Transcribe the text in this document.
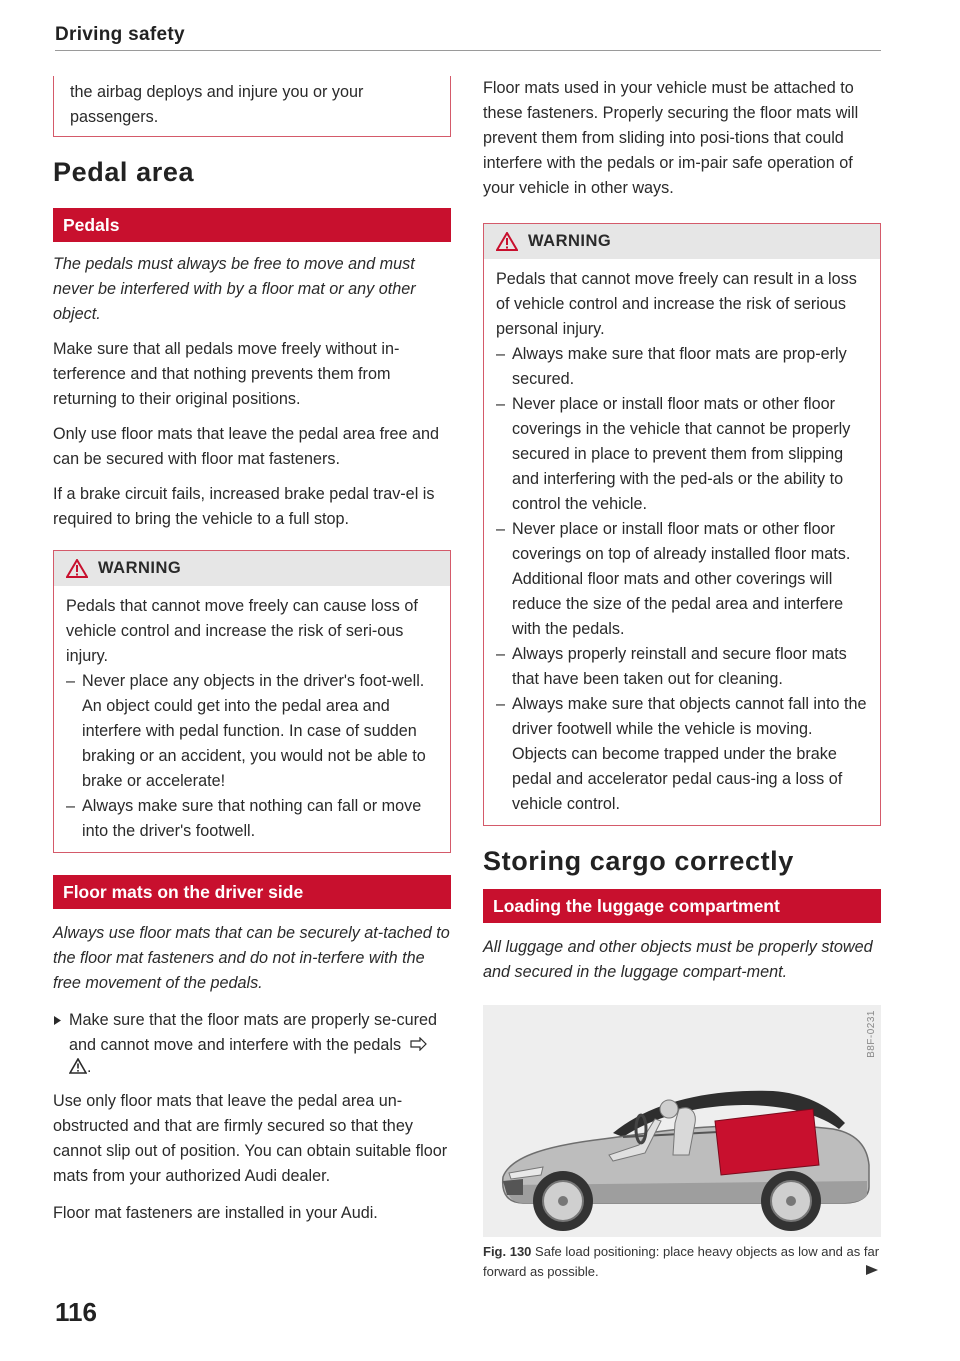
Driving safety

the airbag deploys and injure you or your passengers.

Pedal area
Pedals

The pedals must always be free to move and must never be interfered with by a floor mat or any other object.

Make sure that all pedals move freely without in-terference and that nothing prevents them from returning to their original positions.

Only use floor mats that leave the pedal area free and can be secured with floor mat fasteners.

If a brake circuit fails, increased brake pedal trav-el is required to bring the vehicle to a full stop.

WARNING

Pedals that cannot move freely can cause loss of vehicle control and increase the risk of seri-ous injury.

– Never place any objects in the driver's foot-well. An object could get into the pedal area and interfere with pedal function. In case of sudden braking or an accident, you would not be able to brake or accelerate!
– Always make sure that nothing can fall or move into the driver's footwell.
Floor mats on the driver side

Always use floor mats that can be securely at-tached to the floor mat fasteners and do not in-terfere with the free movement of the pedals.

Make sure that the floor mats are properly se-cured and cannot move and interfere with the pedals

.

Use only floor mats that leave the pedal area un-obstructed and that are firmly secured so that they cannot slip out of position. You can obtain suitable floor mats from your authorized Audi dealer.

Floor mat fasteners are installed in your Audi.

Floor mats used in your vehicle must be attached to these fasteners. Properly securing the floor mats will prevent them from sliding into posi-tions that could interfere with the pedals or im-pair safe operation of your vehicle in other ways.

WARNING

Pedals that cannot move freely can result in a loss of vehicle control and increase the risk of serious personal injury.

– Always make sure that floor mats are prop-erly secured.
– Never place or install floor mats or other floor coverings in the vehicle that cannot be properly secured in place to prevent them from slipping and interfering with the ped-als or the ability to control the vehicle.
– Never place or install floor mats or other floor coverings on top of already installed floor mats. Additional floor mats and other coverings will reduce the size of the pedal area and interfere with the pedals.
– Always properly reinstall and secure floor mats that have been taken out for cleaning.
– Always make sure that objects cannot fall into the driver footwell while the vehicle is moving. Objects can become trapped under the brake pedal and accelerator pedal caus-ing a loss of vehicle control.
Storing cargo correctly
Loading the luggage compartment

All luggage and other objects must be properly stowed and secured in the luggage compart-ment.

B8F-0231
Fig. 130 Safe load positioning: place heavy objects as low and as far forward as possible.
116
